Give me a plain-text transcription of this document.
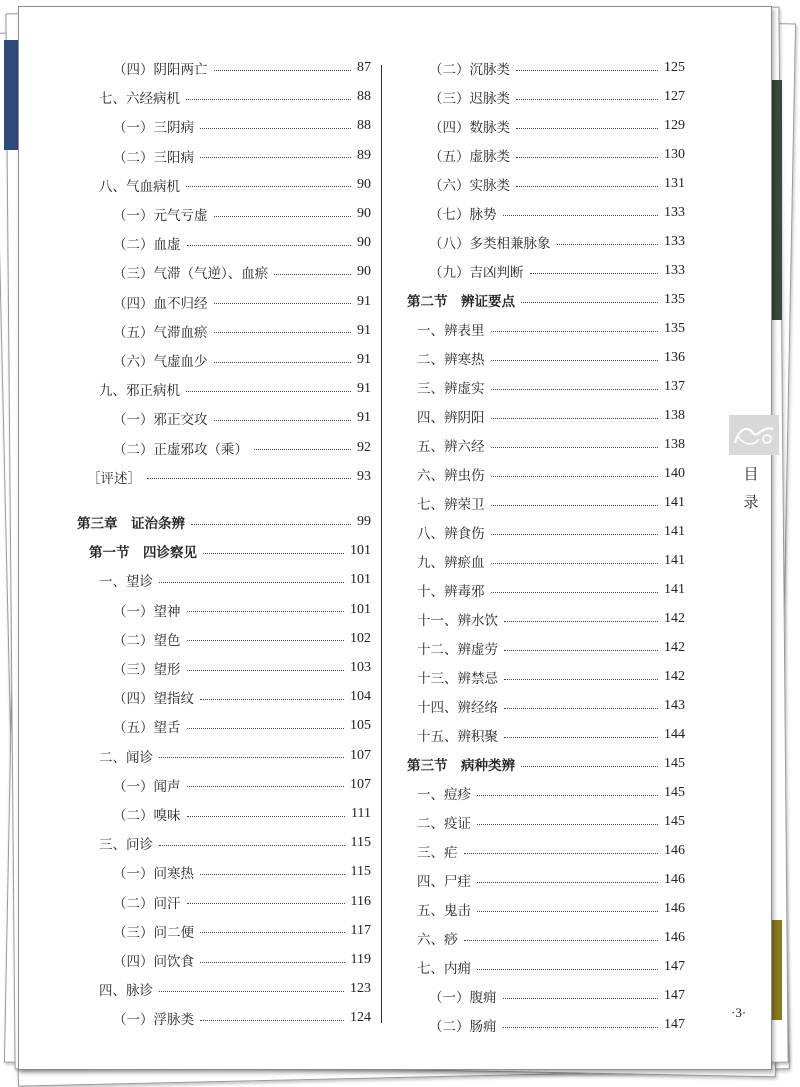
（四）阴阳两亡	87
七、六经病机	88
（一）三阴病	88
（二）三阳病	89
八、气血病机	90
（一）元气亏虚	90
（二）血虚	90
（三）气滞（气逆）、血瘀	90
（四）血不归经	91
（五）气滞血瘀	91
（六）气虚血少	91
九、邪正病机	91
（一）邪正交攻	91
（二）正虚邪攻（乘）	92
［评述］	93
第三章　证治条辨	99
第一节　四诊察见	101
一、望诊	101
（一）望神	101
（二）望色	102
（三）望形	103
（四）望指纹	104
（五）望舌	105
二、闻诊	107
（一）闻声	107
（二）嗅味	111
三、问诊	115
（一）问寒热	115
（二）问汗	116
（三）问二便	117
（四）问饮食	119
四、脉诊	123
（一）浮脉类	124
（二）沉脉类	125
（三）迟脉类	127
（四）数脉类	129
（五）虚脉类	130
（六）实脉类	131
（七）脉势	133
（八）多类相兼脉象	133
（九）吉凶判断	133
第二节　辨证要点	135
一、辨表里	135
二、辨寒热	136
三、辨虚实	137
四、辨阴阳	138
五、辨六经	138
六、辨虫伤	140
七、辨荣卫	141
八、辨食伤	141
九、辨瘀血	141
十、辨毒邪	141
十一、辨水饮	142
十二、辨虚劳	142
十三、辨禁忌	142
十四、辨经络	143
十五、辨积聚	144
第三节　病种类辨	145
一、痘疹	145
二、疫证	145
三、疟	146
四、尸疰	146
五、鬼击	146
六、痧	146
七、内痈	147
（一）腹痈	147
（二）肠痈	147
目
录
·3·
